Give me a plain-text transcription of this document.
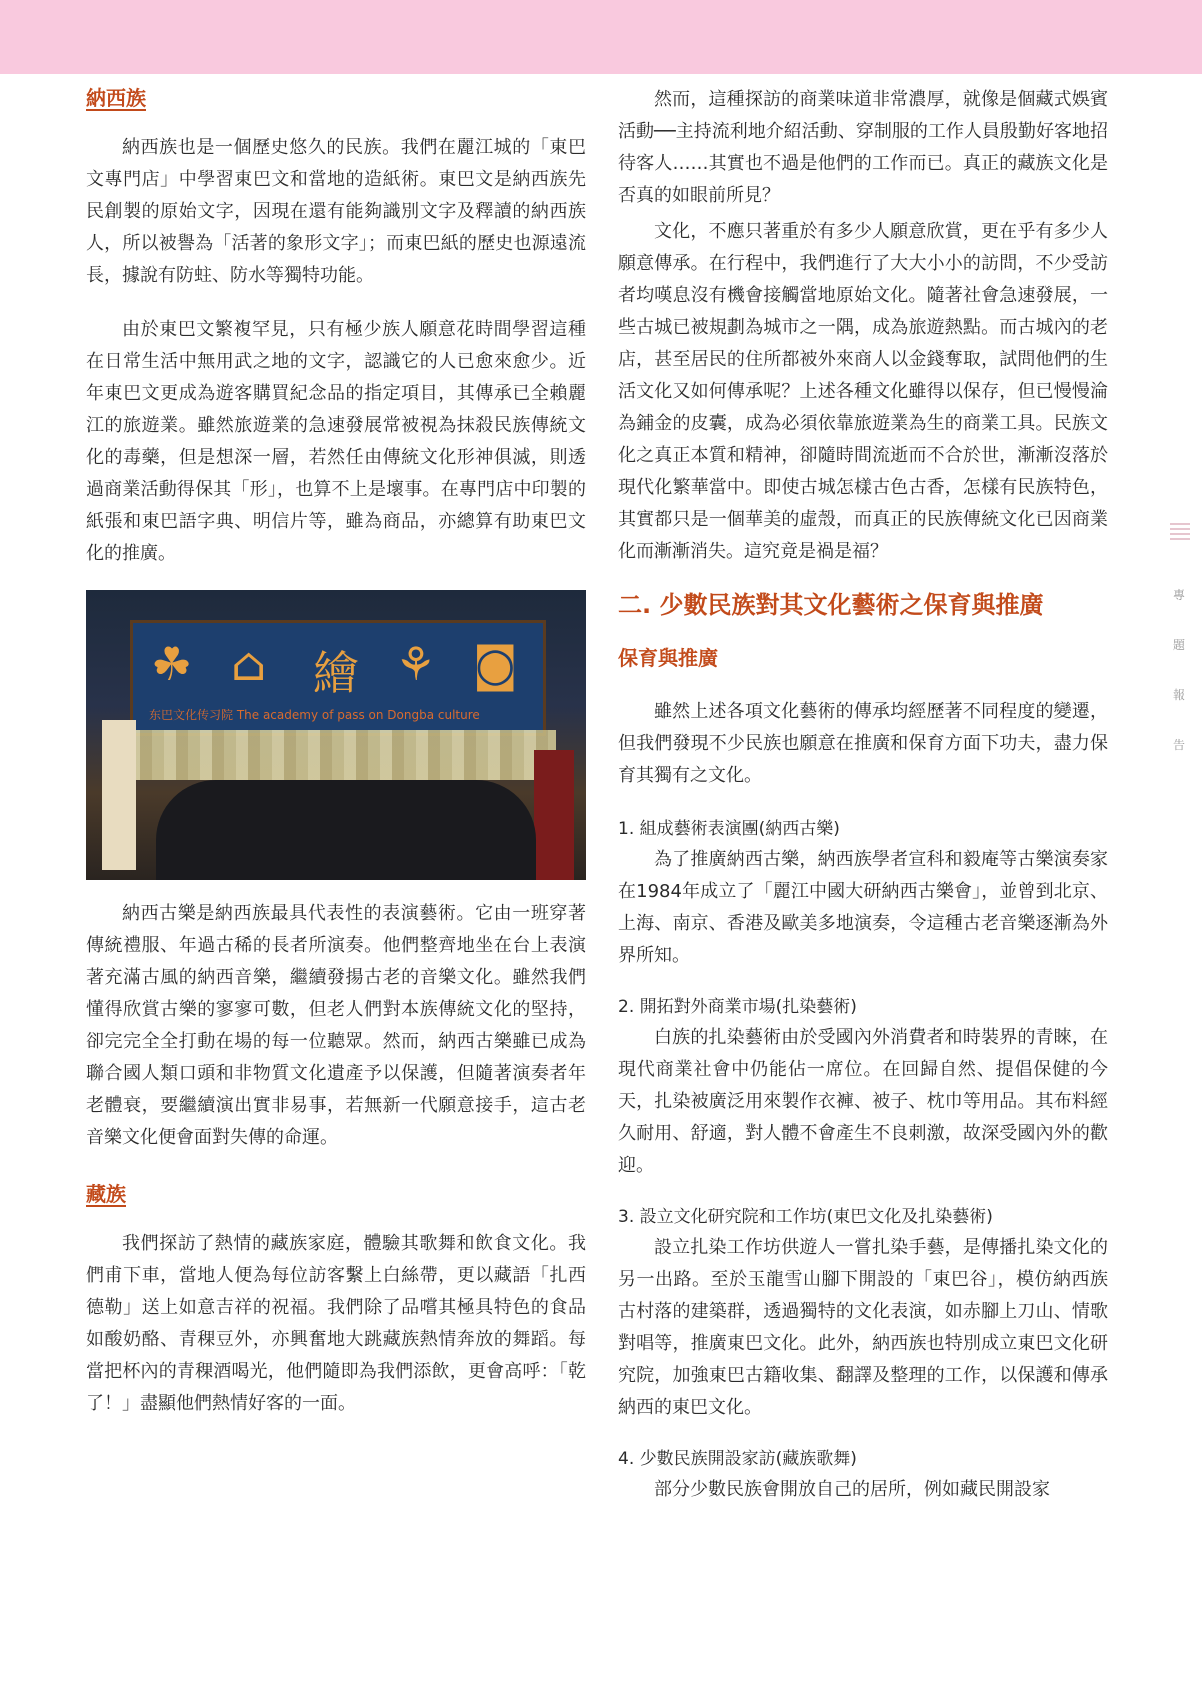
納西族

納西族也是一個歷史悠久的民族。我們在麗江城的「東巴文專門店」中學習東巴文和當地的造紙術。東巴文是納西族先民創製的原始文字，因現在還有能夠識別文字及釋讀的納西族人，所以被譽為「活著的象形文字」；而東巴紙的歷史也源遠流長，據說有防蛀、防水等獨特功能。

由於東巴文繁複罕見，只有極少族人願意花時間學習這種在日常生活中無用武之地的文字，認識它的人已愈來愈少。近年東巴文更成為遊客購買紀念品的指定項目，其傳承已全賴麗江的旅遊業。雖然旅遊業的急速發展常被視為抹殺民族傳統文化的毒藥，但是想深一層，若然任由傳統文化形神俱滅，則透過商業活動得保其「形」，也算不上是壞事。在專門店中印製的紙張和東巴語字典、明信片等，雖為商品，亦總算有助東巴文化的推廣。

☘ ⌂ 繪 ⚘ ◙
东巴文化传习院 The academy of pass on Dongba culture

納西古樂是納西族最具代表性的表演藝術。它由一班穿著傳統禮服、年過古稀的長者所演奏。他們整齊地坐在台上表演著充滿古風的納西音樂，繼續發揚古老的音樂文化。雖然我們懂得欣賞古樂的寥寥可數，但老人們對本族傳統文化的堅持，卻完完全全打動在場的每一位聽眾。然而，納西古樂雖已成為聯合國人類口頭和非物質文化遺產予以保護，但隨著演奏者年老體衰，要繼續演出實非易事，若無新一代願意接手，這古老音樂文化便會面對失傳的命運。

藏族

我們探訪了熱情的藏族家庭，體驗其歌舞和飲食文化。我們甫下車，當地人便為每位訪客繫上白絲帶，更以藏語「扎西德勒」送上如意吉祥的祝福。我們除了品嚐其極具特色的食品如酸奶酪、青稞豆外，亦興奮地大跳藏族熱情奔放的舞蹈。每當把杯內的青稞酒喝光，他們隨即為我們添飲，更會高呼：「乾了！」盡顯他們熱情好客的一面。

然而，這種探訪的商業味道非常濃厚，就像是個藏式娛賓活動──主持流利地介紹活動、穿制服的工作人員殷勤好客地招待客人……其實也不過是他們的工作而已。真正的藏族文化是否真的如眼前所見？

文化，不應只著重於有多少人願意欣賞，更在乎有多少人願意傳承。在行程中，我們進行了大大小小的訪問，不少受訪者均嘆息沒有機會接觸當地原始文化。隨著社會急速發展，一些古城已被規劃為城市之一隅，成為旅遊熱點。而古城內的老店，甚至居民的住所都被外來商人以金錢奪取，試問他們的生活文化又如何傳承呢？上述各種文化雖得以保存，但已慢慢淪為鋪金的皮囊，成為必須依靠旅遊業為生的商業工具。民族文化之真正本質和精神，卻隨時間流逝而不合於世，漸漸沒落於現代化繁華當中。即使古城怎樣古色古香，怎樣有民族特色，其實都只是一個華美的虛殼，而真正的民族傳統文化已因商業化而漸漸消失。這究竟是禍是福？

二. 少數民族對其文化藝術之保育與推廣
保育與推廣

雖然上述各項文化藝術的傳承均經歷著不同程度的變遷，但我們發現不少民族也願意在推廣和保育方面下功夫，盡力保育其獨有之文化。

1. 組成藝術表演團(納西古樂)

為了推廣納西古樂，納西族學者宣科和毅庵等古樂演奏家在1984年成立了「麗江中國大研納西古樂會」，並曾到北京、上海、南京、香港及歐美多地演奏，令這種古老音樂逐漸為外界所知。

2. 開拓對外商業市場(扎染藝術)

白族的扎染藝術由於受國內外消費者和時裝界的青睞，在現代商業社會中仍能佔一席位。在回歸自然、提倡保健的今天，扎染被廣泛用來製作衣褲、被子、枕巾等用品。其布料經久耐用、舒適，對人體不會產生不良刺激，故深受國內外的歡迎。

3. 設立文化研究院和工作坊(東巴文化及扎染藝術)

設立扎染工作坊供遊人一嘗扎染手藝，是傳播扎染文化的另一出路。至於玉龍雪山腳下開設的「東巴谷」，模仿納西族古村落的建築群，透過獨特的文化表演，如赤腳上刀山、情歌對唱等，推廣東巴文化。此外，納西族也特別成立東巴文化研究院，加強東巴古籍收集、翻譯及整理的工作，以保護和傳承納西的東巴文化。

4. 少數民族開設家訪(藏族歌舞)

部分少數民族會開放自己的居所，例如藏民開設家

專
題
報
告
